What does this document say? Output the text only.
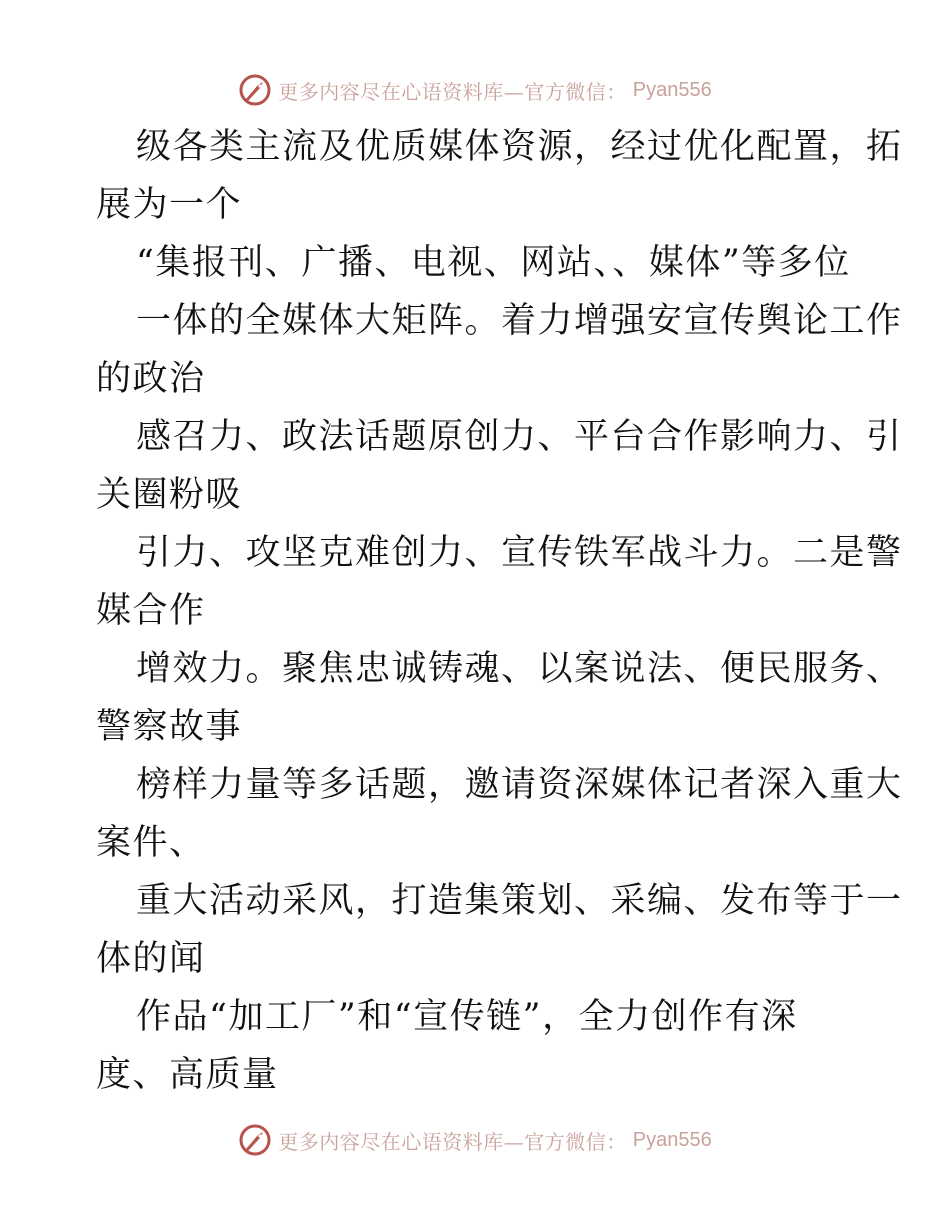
更多内容尽在心语资料库—官方微信： Pyan556
级各类主流及优质媒体资源，经过优化配置，拓
展为一个
“集报刊、广播、电视、网站、、媒体”等多位
一体的全媒体大矩阵。着力增强安宣传舆论工作
的政治
感召力、政法话题原创力、平台合作影响力、引
关圈粉吸
引力、攻坚克难创力、宣传铁军战斗力。二是警
媒合作
增效力。聚焦忠诚铸魂、以案说法、便民服务、
警察故事
榜样力量等多话题，邀请资深媒体记者深入重大
案件、
重大活动采风，打造集策划、采编、发布等于一
体的闻
作品“加工厂”和“宣传链”，全力创作有深
度、高质量
更多内容尽在心语资料库—官方微信： Pyan556
